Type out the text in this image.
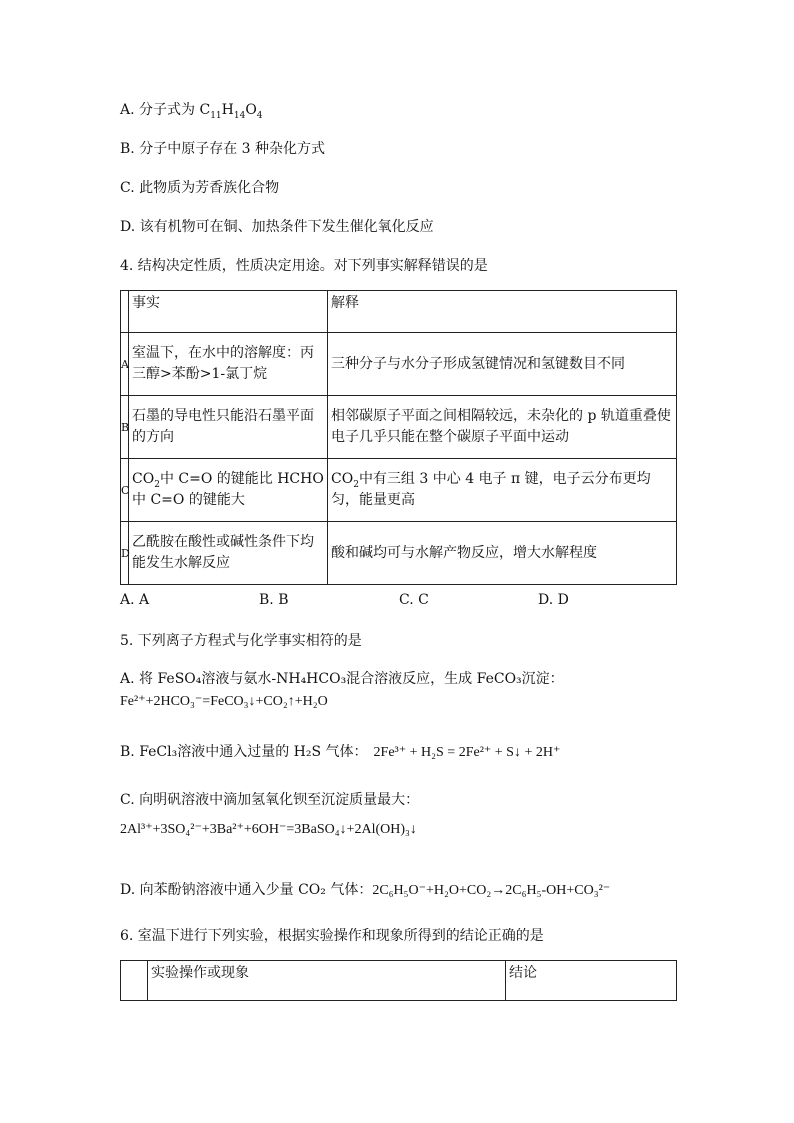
A. 分子式为 $C_{11}H_{14}O_4$
B. 分子中原子存在 3 种杂化方式
C. 此物质为芳香族化合物
D. 该有机物可在铜、加热条件下发生催化氧化反应
4. 结构决定性质，性质决定用途。对下列事实解释错误的是
	事实	解释
A	室温下，在水中的溶解度：丙三醇>苯酚>1-氯丁烷	三种分子与水分子形成氢键情况和氢键数目不同
B	石墨的导电性只能沿石墨平面的方向	相邻碳原子平面之间相隔较远，未杂化的 p 轨道重叠使电子几乎只能在整个碳原子平面中运动
C	$CO_2$中 C=O 的键能比 HCHO 中 C=O 的键能大	$CO_2$中有三组 3 中心 4 电子 π 键，电子云分布更均匀，能量更高
D	乙酰胺在酸性或碱性条件下均能发生水解反应	酸和碱均可与水解产物反应，增大水解程度
A. A	B. B	C. C	D. D
5. 下列离子方程式与化学事实相符的是
A. 将 FeSO₄溶液与氨水-NH₄HCO₃混合溶液反应，生成 FeCO₃沉淀：
Fe²⁺+2HCO₃⁻=FeCO₃↓+CO₂↑+H₂O
B. FeCl₃溶液中通入过量的 H₂S 气体： 2Fe³⁺ + H₂S = 2Fe²⁺ + S↓ + 2H⁺
C. 向明矾溶液中滴加氢氧化钡至沉淀质量最大：
2Al³⁺+3SO₄²⁻+3Ba²⁺+6OH⁻=3BaSO₄↓+2Al(OH)₃↓
D. 向苯酚钠溶液中通入少量 CO₂ 气体：2C₆H₅O⁻+H₂O+CO₂→2C₆H₅-OH+CO₃²⁻
6. 室温下进行下列实验，根据实验操作和现象所得到的结论正确的是
	实验操作或现象	结论
